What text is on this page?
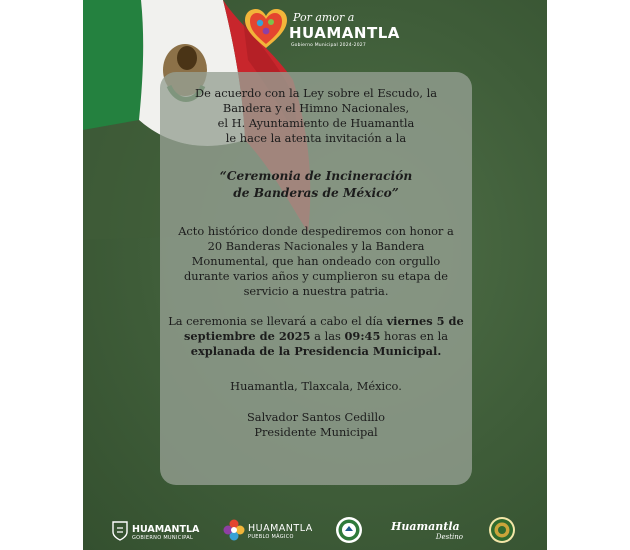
Por amor a
HUAMANTLA
Gobierno Municipal 2024-2027

De acuerdo con la Ley sobre el Escudo, la

Bandera y el Himno Nacionales,

el H. Ayuntamiento de Huamantla

le hace la atenta invitación a la

“Ceremonia de Incineración
de Banderas de México”

Acto histórico donde despediremos con honor a

20 Banderas Nacionales y la Bandera

Monumental, que han ondeado con orgullo

durante varios años y cumplieron su etapa de

servicio a nuestra patria.

La ceremonia se llevará a cabo el día viernes 5 de

septiembre de 2025 a las 09:45 horas en la

explanada de la Presidencia Municipal.

Huamantla, Tlaxcala, México.

Salvador Santos Cedillo

Presidente Municipal

HUAMANTLA
GOBIERNO MUNICIPAL
HUAMANTLA
PUEBLO MÁGICO
Huamantla
Destino
